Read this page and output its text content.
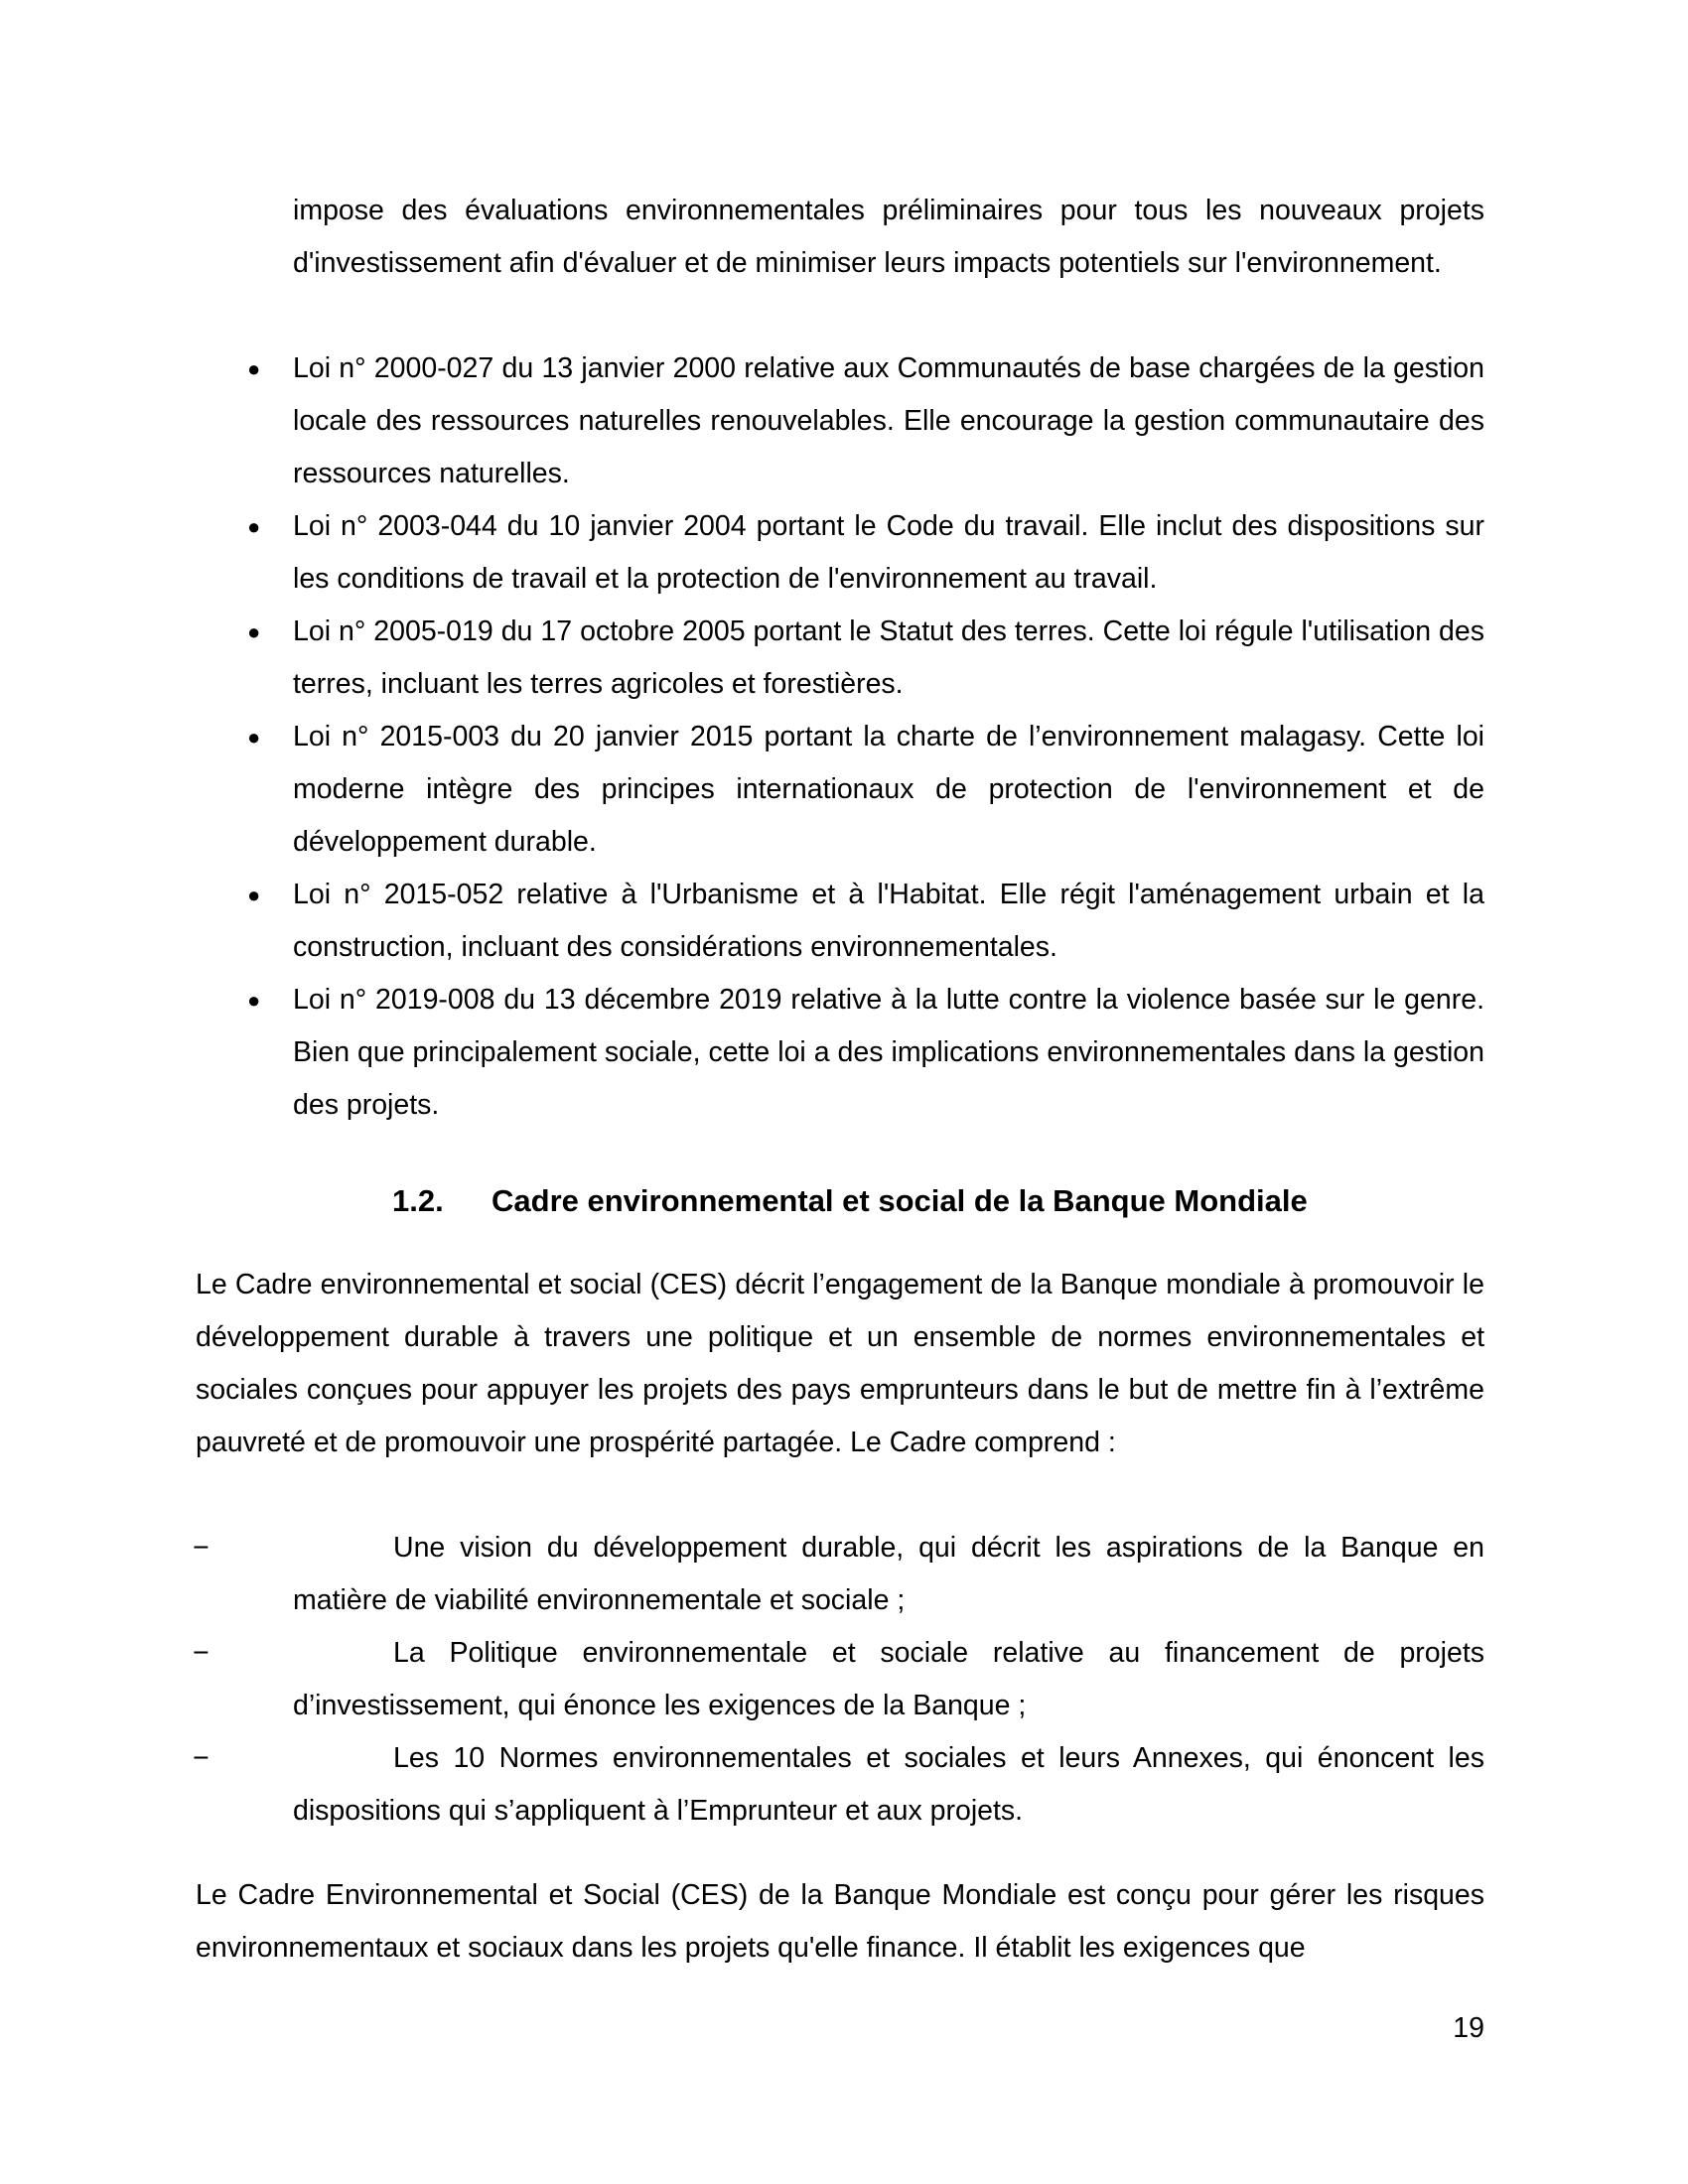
impose des évaluations environnementales préliminaires pour tous les nouveaux projets d'investissement afin d'évaluer et de minimiser leurs impacts potentiels sur l'environnement.

● Loi n° 2000-027 du 13 janvier 2000 relative aux Communautés de base chargées de la gestion locale des ressources naturelles renouvelables. Elle encourage la gestion communautaire des ressources naturelles.
● Loi n° 2003-044 du 10 janvier 2004 portant le Code du travail. Elle inclut des dispositions sur les conditions de travail et la protection de l'environnement au travail.
● Loi n° 2005-019 du 17 octobre 2005 portant le Statut des terres. Cette loi régule l'utilisation des terres, incluant les terres agricoles et forestières.
● Loi n° 2015-003 du 20 janvier 2015 portant la charte de l’environnement malagasy. Cette loi moderne intègre des principes internationaux de protection de l'environnement et de développement durable.
● Loi n° 2015-052 relative à l'Urbanisme et à l'Habitat. Elle régit l'aménagement urbain et la construction, incluant des considérations environnementales.
● Loi n° 2019-008 du 13 décembre 2019 relative à la lutte contre la violence basée sur le genre. Bien que principalement sociale, cette loi a des implications environnementales dans la gestion des projets.
1.2. Cadre environnemental et social de la Banque Mondiale

Le Cadre environnemental et social (CES) décrit l’engagement de la Banque mondiale à promouvoir le développement durable à travers une politique et un ensemble de normes environnementales et sociales conçues pour appuyer les projets des pays emprunteurs dans le but de mettre fin à l’extrême pauvreté et de promouvoir une prospérité partagée. Le Cadre comprend :

−	Une vision du développement durable, qui décrit les aspirations de la Banque en matière de viabilité environnementale et sociale ;
−	La Politique environnementale et sociale relative au financement de projets d’investissement, qui énonce les exigences de la Banque ;
−	Les 10 Normes environnementales et sociales et leurs Annexes, qui énoncent les dispositions qui s’appliquent à l’Emprunteur et aux projets.

Le Cadre Environnemental et Social (CES) de la Banque Mondiale est conçu pour gérer les risques environnementaux et sociaux dans les projets qu'elle finance. Il établit les exigences que

19
